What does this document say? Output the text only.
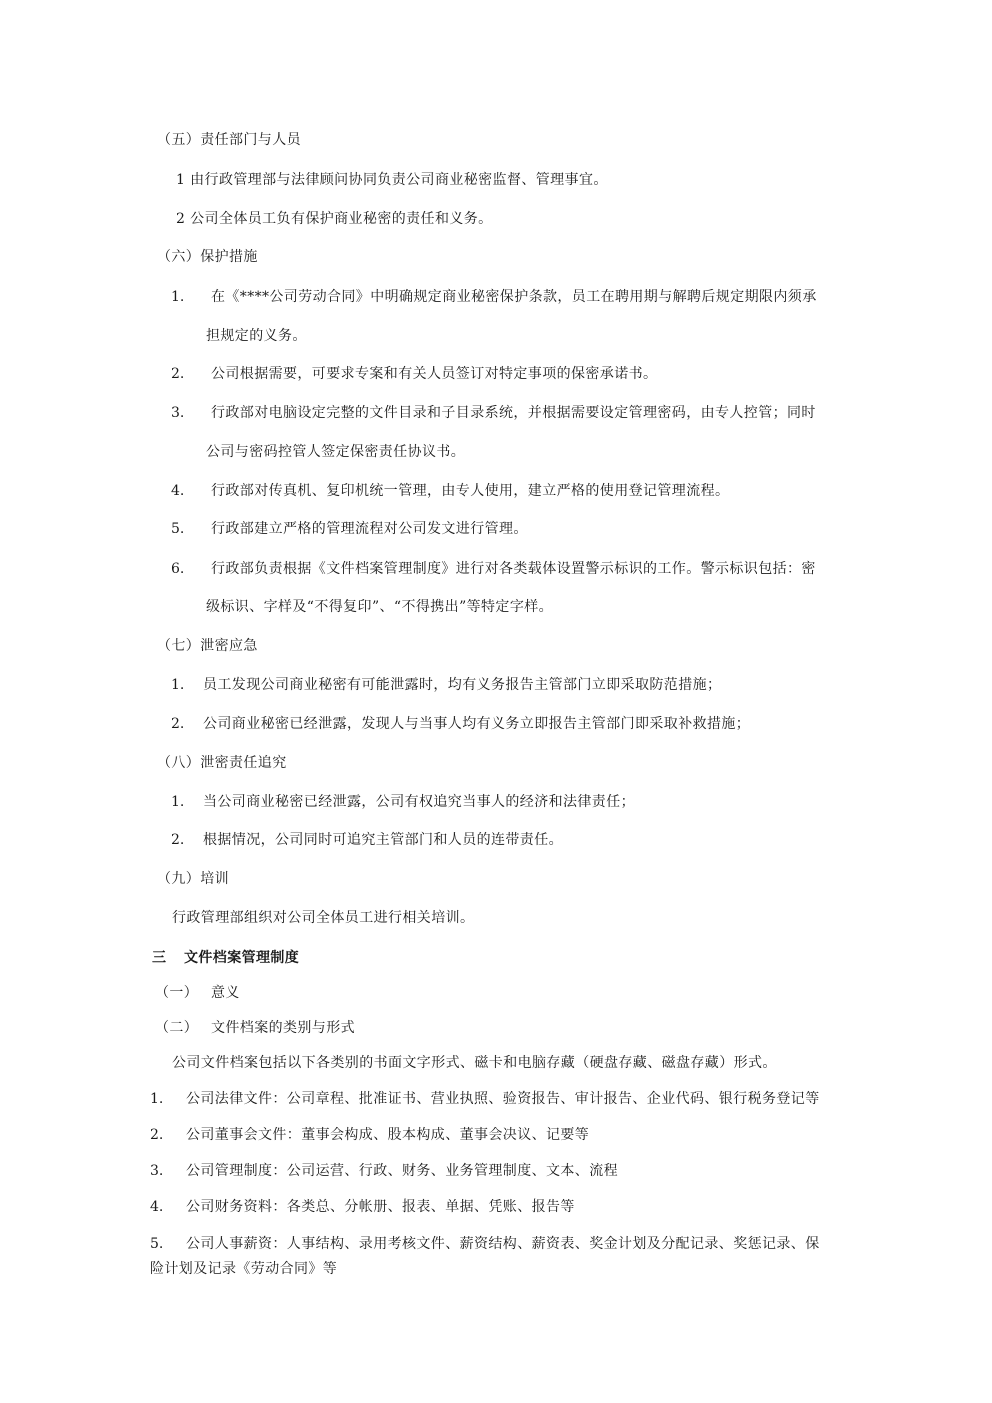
（五）责任部门与人员
1 由行政管理部与法律顾问协同负责公司商业秘密监督、管理事宜。
2 公司全体员工负有保护商业秘密的责任和义务。
（六）保护措施
1. 在《****公司劳动合同》中明确规定商业秘密保护条款，员工在聘用期与解聘后规定期限内须承
担规定的义务。
2. 公司根据需要，可要求专案和有关人员签订对特定事项的保密承诺书。
3. 行政部对电脑设定完整的文件目录和子目录系统，并根据需要设定管理密码，由专人控管；同时
公司与密码控管人签定保密责任协议书。
4. 行政部对传真机、复印机统一管理，由专人使用，建立严格的使用登记管理流程。
5. 行政部建立严格的管理流程对公司发文进行管理。
6. 行政部负责根据《文件档案管理制度》进行对各类载体设置警示标识的工作。警示标识包括：密
级标识、字样及“不得复印”、“不得携出”等特定字样。
（七）泄密应急
1. 员工发现公司商业秘密有可能泄露时，均有义务报告主管部门立即采取防范措施；
2. 公司商业秘密已经泄露，发现人与当事人均有义务立即报告主管部门即采取补救措施；
（八）泄密责任追究
1. 当公司商业秘密已经泄露，公司有权追究当事人的经济和法律责任；
2. 根据情况，公司同时可追究主管部门和人员的连带责任。
（九）培训
行政管理部组织对公司全体员工进行相关培训。
三 文件档案管理制度
（一） 意义
（二） 文件档案的类别与形式
公司文件档案包括以下各类别的书面文字形式、磁卡和电脑存藏（硬盘存藏、磁盘存藏）形式。
1. 公司法律文件：公司章程、批准证书、营业执照、验资报告、审计报告、企业代码、银行税务登记等
2. 公司董事会文件：董事会构成、股本构成、董事会决议、记要等
3. 公司管理制度：公司运营、行政、财务、业务管理制度、文本、流程
4. 公司财务资料：各类总、分帐册、报表、单据、凭账、报告等
5. 公司人事薪资：人事结构、录用考核文件、薪资结构、薪资表、奖金计划及分配记录、奖惩记录、保
险计划及记录《劳动合同》等
